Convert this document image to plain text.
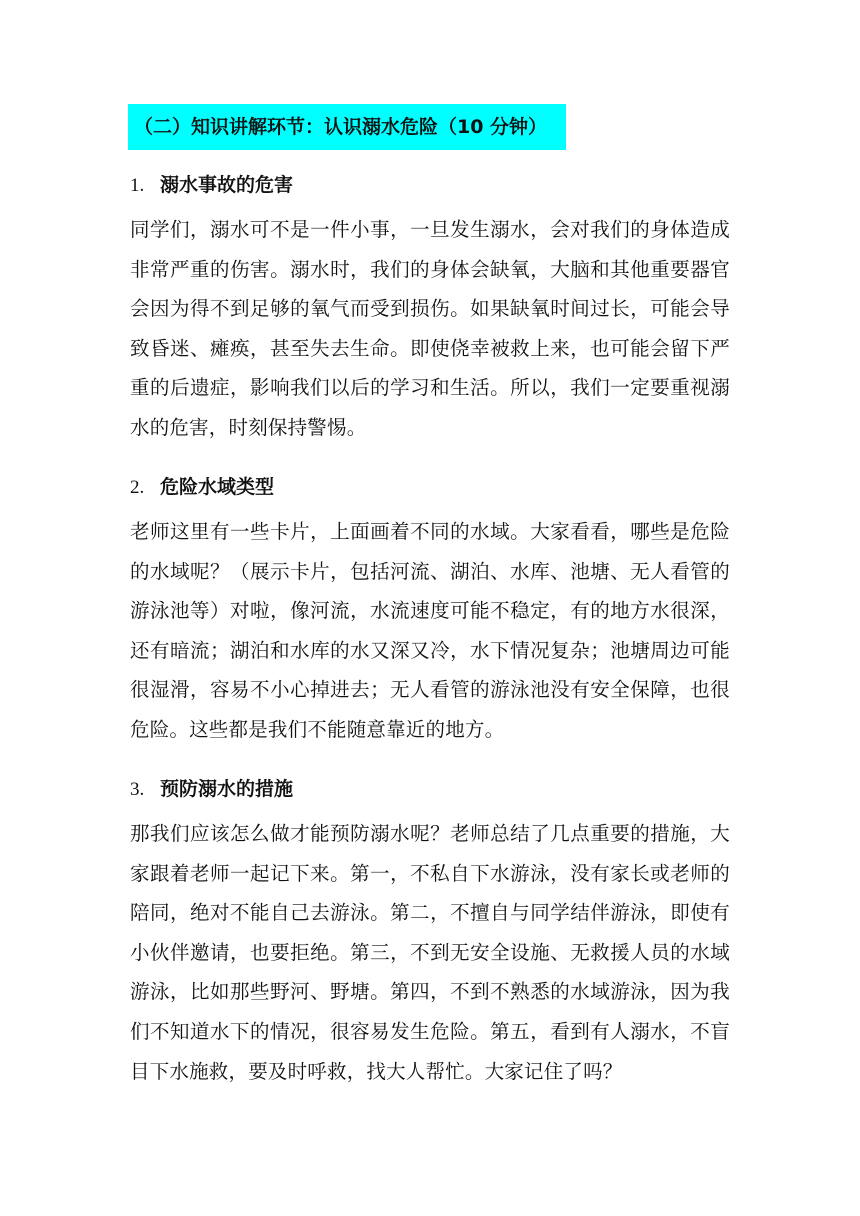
（二）知识讲解环节：认识溺水危险（10 分钟）
1. 溺水事故的危害

同学们，溺水可不是一件小事，一旦发生溺水，会对我们的身体造成非常严重的伤害。溺水时，我们的身体会缺氧，大脑和其他重要器官会因为得不到足够的氧气而受到损伤。如果缺氧时间过长，可能会导致昏迷、瘫痪，甚至失去生命。即使侥幸被救上来，也可能会留下严重的后遗症，影响我们以后的学习和生活。所以，我们一定要重视溺水的危害，时刻保持警惕。

2. 危险水域类型

老师这里有一些卡片，上面画着不同的水域。大家看看，哪些是危险的水域呢？（展示卡片，包括河流、湖泊、水库、池塘、无人看管的游泳池等）对啦，像河流，水流速度可能不稳定，有的地方水很深，还有暗流；湖泊和水库的水又深又冷，水下情况复杂；池塘周边可能很湿滑，容易不小心掉进去；无人看管的游泳池没有安全保障，也很危险。这些都是我们不能随意靠近的地方。

3. 预防溺水的措施

那我们应该怎么做才能预防溺水呢？老师总结了几点重要的措施，大家跟着老师一起记下来。第一，不私自下水游泳，没有家长或老师的陪同，绝对不能自己去游泳。第二，不擅自与同学结伴游泳，即使有小伙伴邀请，也要拒绝。第三，不到无安全设施、无救援人员的水域游泳，比如那些野河、野塘。第四，不到不熟悉的水域游泳，因为我们不知道水下的情况，很容易发生危险。第五，看到有人溺水，不盲目下水施救，要及时呼救，找大人帮忙。大家记住了吗？
